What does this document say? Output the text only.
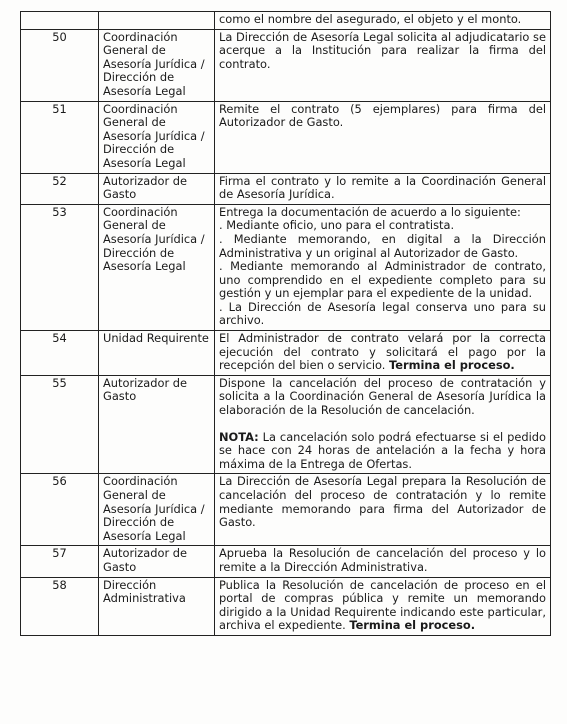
		como el nombre del asegurado, el objeto y el monto.

50	Coordinación General de Asesoría Jurídica / Dirección de Asesoría Legal	La Dirección de Asesoría Legal solicita al adjudicatario se acerque a la Institución para realizar la firma del contrato.

51	Coordinación General de Asesoría Jurídica / Dirección de Asesoría Legal	Remite el contrato (5 ejemplares) para firma del Autorizador de Gasto.

52	Autorizador de Gasto	Firma el contrato y lo remite a la Coordinación General de Asesoría Jurídica.

53	Coordinación General de Asesoría Jurídica / Dirección de Asesoría Legal	Entrega la documentación de acuerdo a lo siguiente:
. Mediante oficio, uno para el contratista.
. Mediante memorando, en digital a la Dirección Administrativa y un original al Autorizador de Gasto.
. Mediante memorando al Administrador de contrato, uno comprendido en el expediente completo para su gestión y un ejemplar para el expediente de la unidad.
. La Dirección de Asesoría legal conserva uno para su archivo.

54	Unidad Requirente	El Administrador de contrato velará por la correcta ejecución del contrato y solicitará el pago por la recepción del bien o servicio. Termina el proceso.

55	Autorizador de Gasto	Dispone la cancelación del proceso de contratación y solicita a la Coordinación General de Asesoría Jurídica la elaboración de la Resolución de cancelación.
NOTA: La cancelación solo podrá efectuarse si el pedido se hace con 24 horas de antelación a la fecha y hora máxima de la Entrega de Ofertas.

56	Coordinación General de Asesoría Jurídica / Dirección de Asesoría Legal	La Dirección de Asesoría Legal prepara la Resolución de cancelación del proceso de contratación y lo remite mediante memorando para firma del Autorizador de Gasto.

57	Autorizador de Gasto	Aprueba la Resolución de cancelación del proceso y lo remite a la Dirección Administrativa.

58	Dirección Administrativa	Publica la Resolución de cancelación de proceso en el portal de compras pública y remite un memorando dirigido a la Unidad Requirente indicando este particular, archiva el expediente. Termina el proceso.
